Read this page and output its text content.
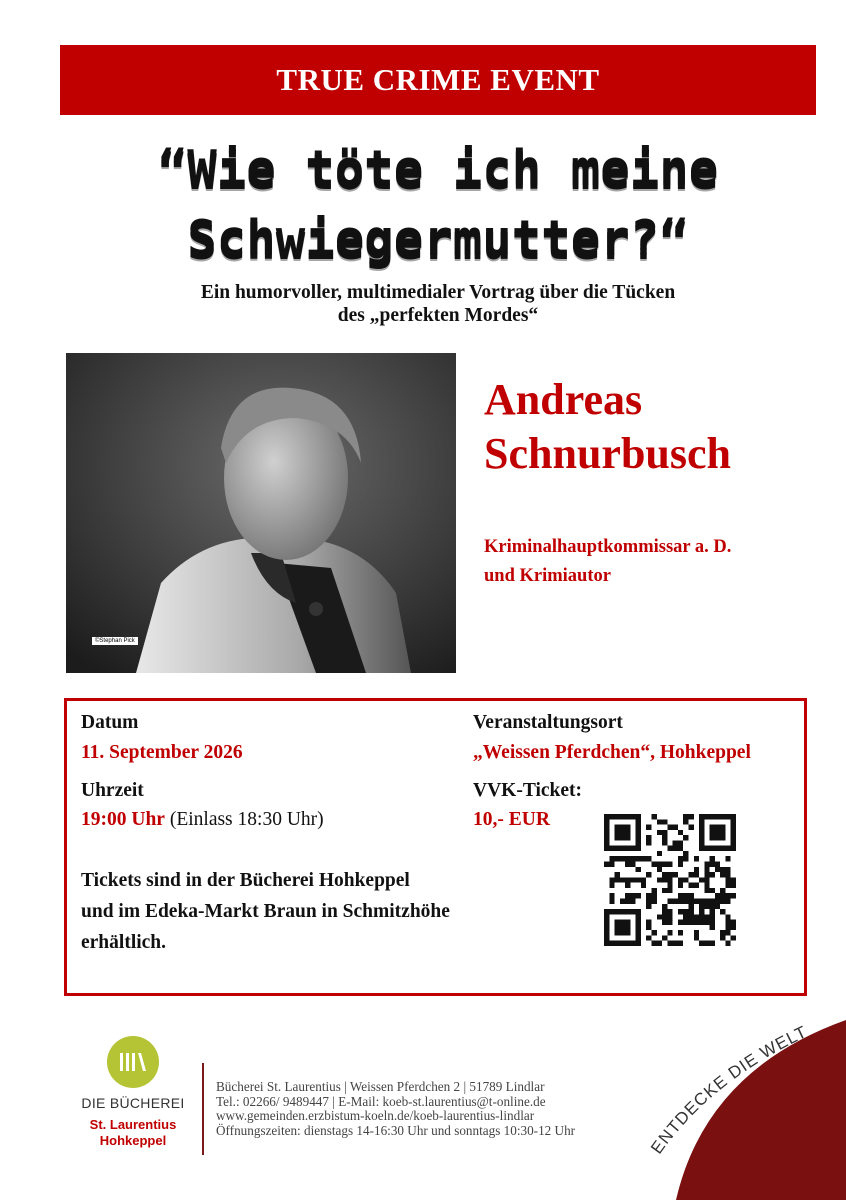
TRUE CRIME EVENT
“Wie töte ich meine
Schwiegermutter?“
Ein humorvoller, multimedialer Vortrag über die Tücken
des „perfekten Mordes“
©Stephan Pick
Andreas
Schnurbusch
Kriminalhauptkommissar a. D.
und Krimiautor
Datum
11. September 2026
Uhrzeit
19:00 Uhr (Einlass 18:30 Uhr)
Veranstaltungsort
„Weissen Pferdchen“, Hohkeppel
VVK-Ticket:
10,- EUR
Tickets sind in der Bücherei Hohkeppel
und im Edeka-Markt Braun in Schmitzhöhe
erhältlich.
DIE BÜCHEREI
St. Laurentius
Hohkeppel
Bücherei St. Laurentius | Weissen Pferdchen 2 | 51789 Lindlar
Tel.: 02266/ 9489447 | E-Mail: koeb-st.laurentius@t-online.de
www.gemeinden.erzbistum-koeln.de/koeb-laurentius-lindlar
Öffnungszeiten: dienstags 14-16:30 Uhr und sonntags 10:30-12 Uhr
ENTDECKE DIE WELT
